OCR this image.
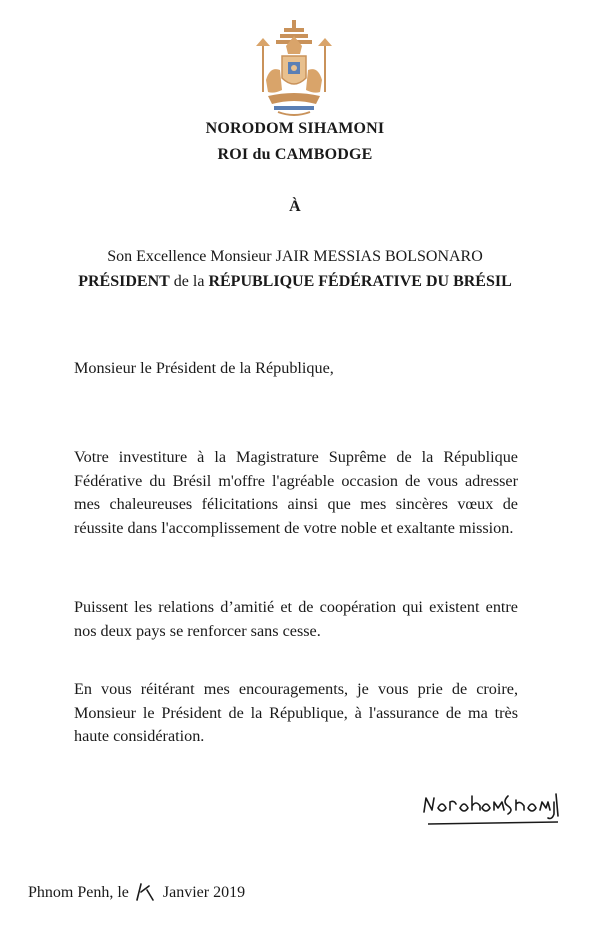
NORODOM SIHAMONI
ROI du CAMBODGE
À
Son Excellence Monsieur JAIR MESSIAS BOLSONARO
PRÉSIDENT de la RÉPUBLIQUE FÉDÉRATIVE DU BRÉSIL
Monsieur le Président de la République,
Votre investiture à la Magistrature Suprême de la République Fédérative du Brésil m'offre l'agréable occasion de vous adresser mes chaleureuses félicitations ainsi que mes sincères vœux de réussite dans l'accomplissement de votre noble et exaltante mission.
Puissent les relations d’amitié et de coopération qui existent entre nos deux pays se renforcer sans cesse.
En vous réitérant mes encouragements, je vous prie de croire, Monsieur le Président de la République, à l'assurance de ma très haute considération.
Phnom Penh, le Janvier 2019
